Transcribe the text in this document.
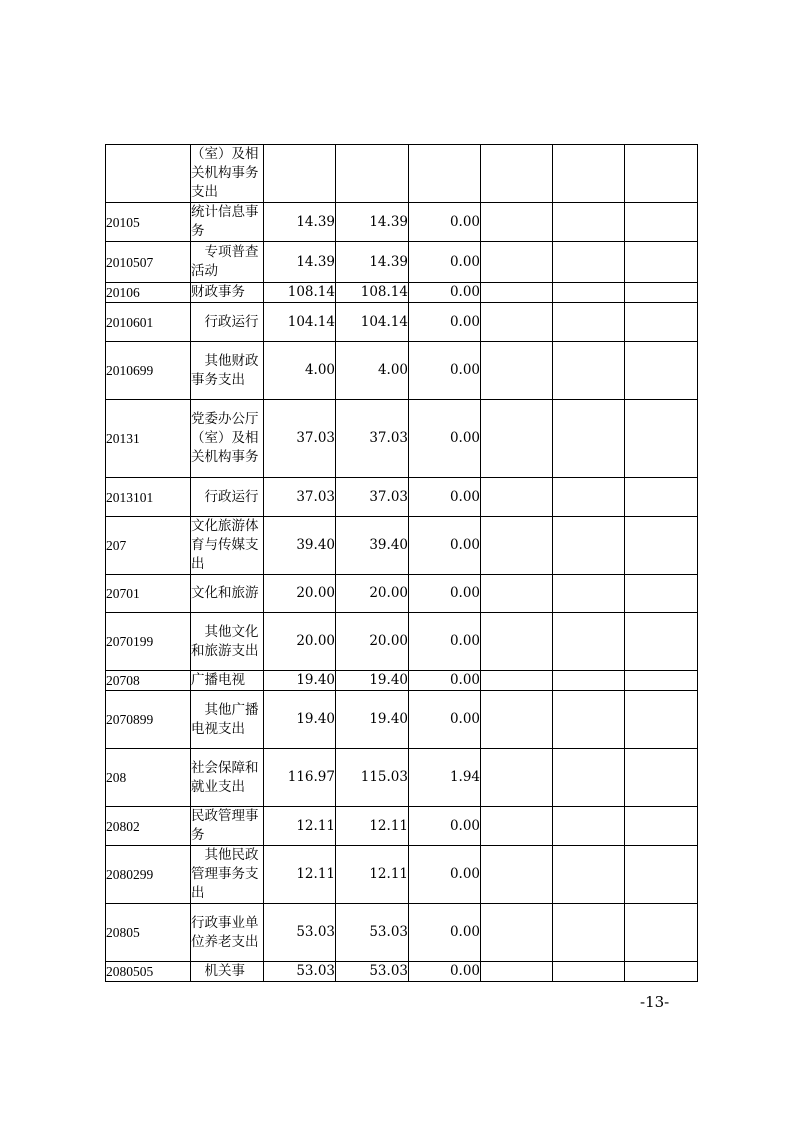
	（室）及相关机构事务支出						
20105	统计信息事务	14.39	14.39	0.00			
2010507	专项普查活动	14.39	14.39	0.00			
20106	财政事务	108.14	108.14	0.00			
2010601	行政运行	104.14	104.14	0.00			
2010699	其他财政事务支出	4.00	4.00	0.00			
20131	党委办公厅（室）及相关机构事务	37.03	37.03	0.00			
2013101	行政运行	37.03	37.03	0.00			
207	文化旅游体育与传媒支出	39.40	39.40	0.00			
20701	文化和旅游	20.00	20.00	0.00			
2070199	其他文化和旅游支出	20.00	20.00	0.00			
20708	广播电视	19.40	19.40	0.00			
2070899	其他广播电视支出	19.40	19.40	0.00			
208	社会保障和就业支出	116.97	115.03	1.94			
20802	民政管理事务	12.11	12.11	0.00			
2080299	其他民政管理事务支出	12.11	12.11	0.00			
20805	行政事业单位养老支出	53.03	53.03	0.00			
2080505	机关事	53.03	53.03	0.00			
-13-
